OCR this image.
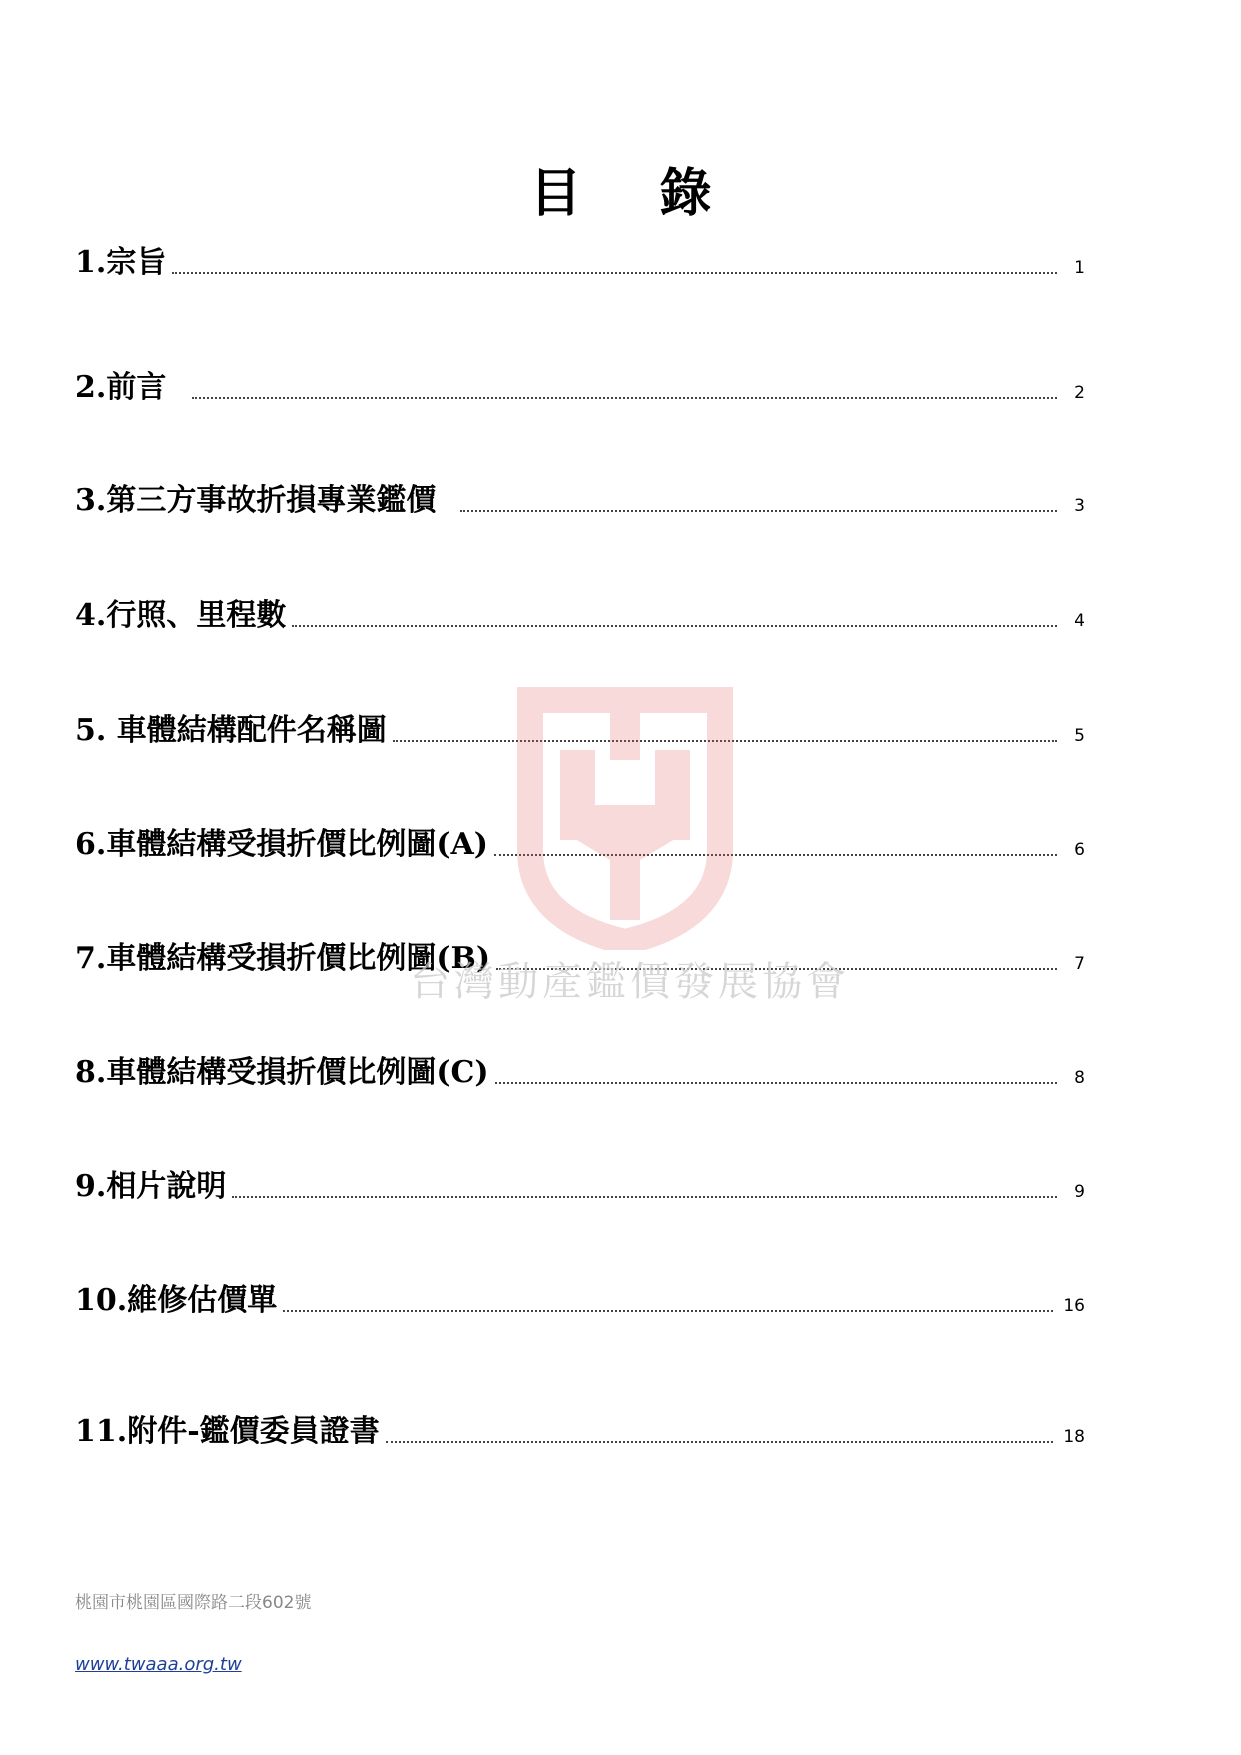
目 錄
1.宗旨	1
2.前言	2
3.第三方事故折損專業鑑價	3
4.行照、里程數	4
5. 車體結構配件名稱圖	5
6.車體結構受損折價比例圖(A)	6
7.車體結構受損折價比例圖(B)	7
8.車體結構受損折價比例圖(C)	8
9.相片說明	9
10.維修估價單	16
11.附件-鑑價委員證書	18
台灣動產鑑價發展協會
桃園市桃園區國際路二段602號
www.twaaa.org.tw
